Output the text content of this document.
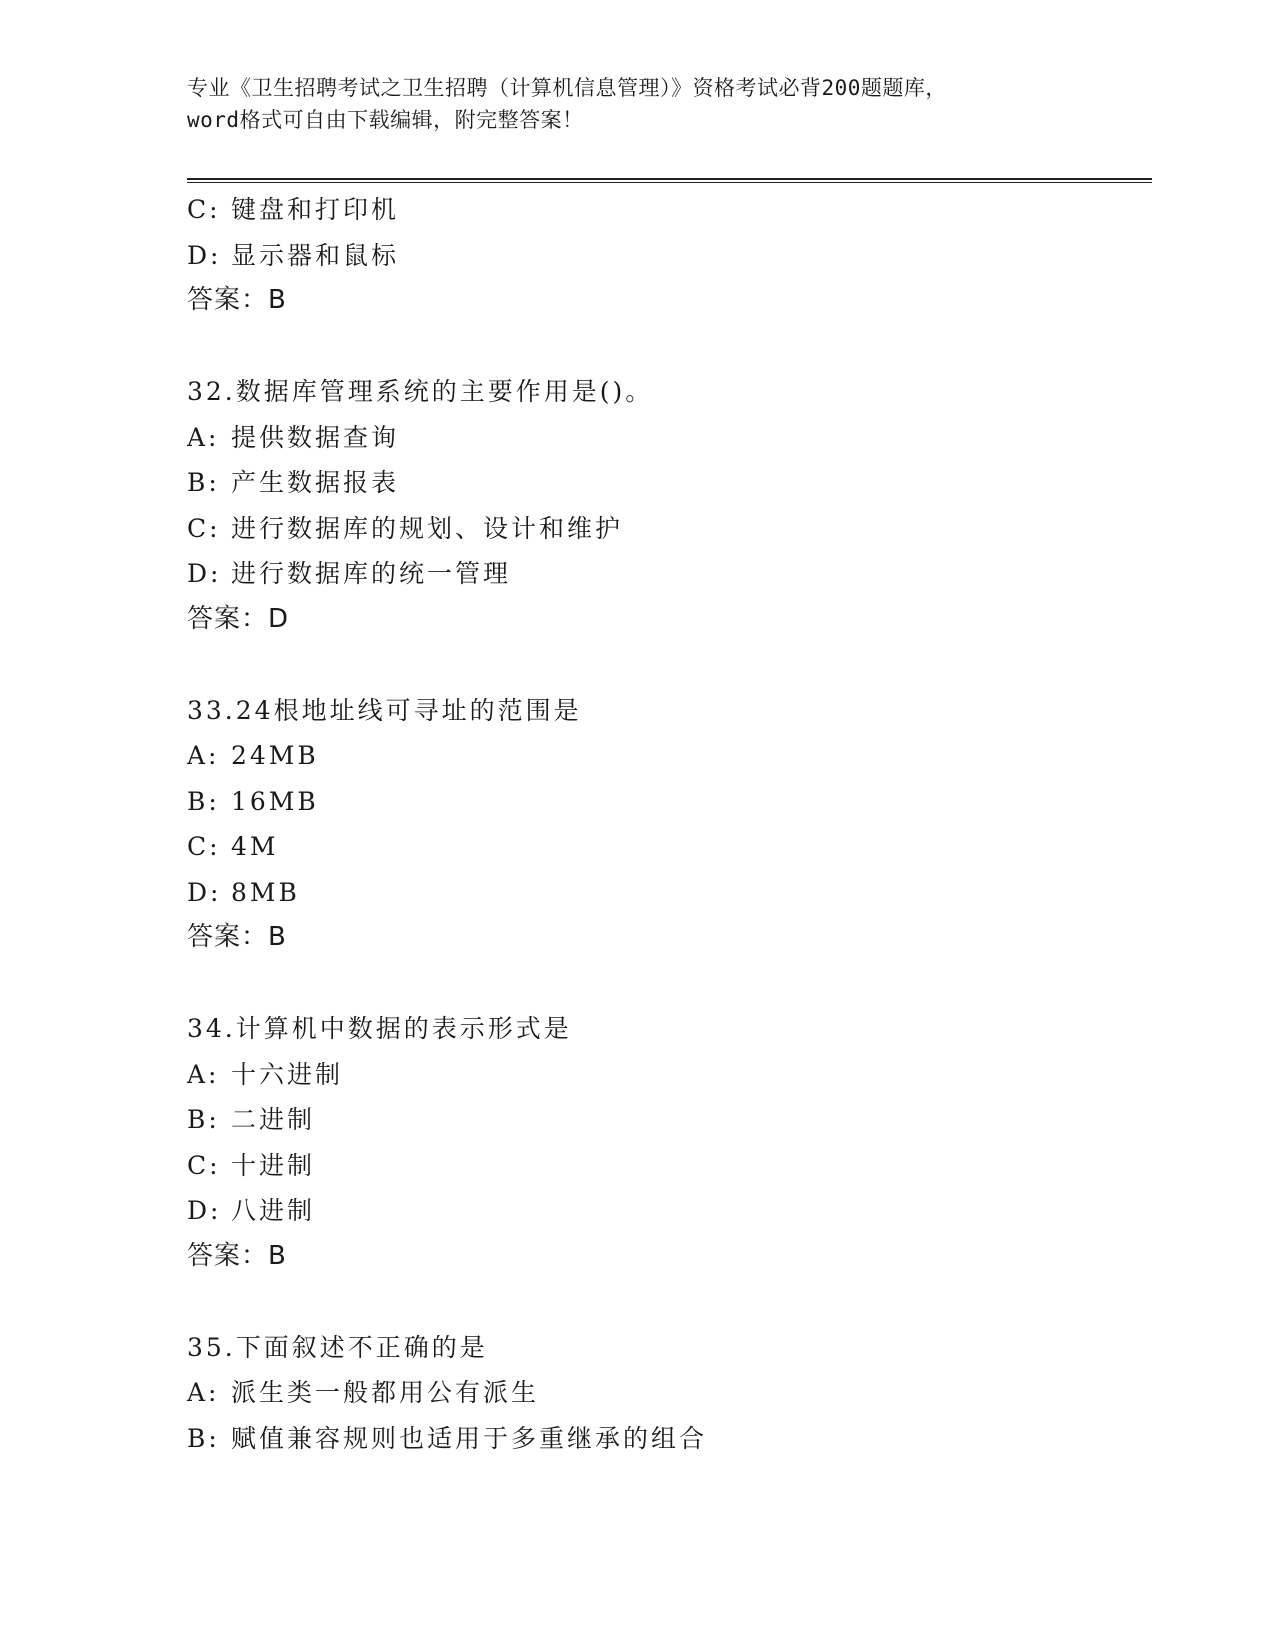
专业《卫生招聘考试之卫生招聘（计算机信息管理）》资格考试必背200题题库，
word格式可自由下载编辑，附完整答案！
C: 键盘和打印机
D: 显示器和鼠标
答案：B
32.数据库管理系统的主要作用是()。
A: 提供数据查询
B: 产生数据报表
C: 进行数据库的规划、设计和维护
D: 进行数据库的统一管理
答案：D
33.24根地址线可寻址的范围是
A: 24MB
B: 16MB
C: 4M
D: 8MB
答案：B
34.计算机中数据的表示形式是
A: 十六进制
B: 二进制
C: 十进制
D: 八进制
答案：B
35.下面叙述不正确的是
A: 派生类一般都用公有派生
B: 赋值兼容规则也适用于多重继承的组合
